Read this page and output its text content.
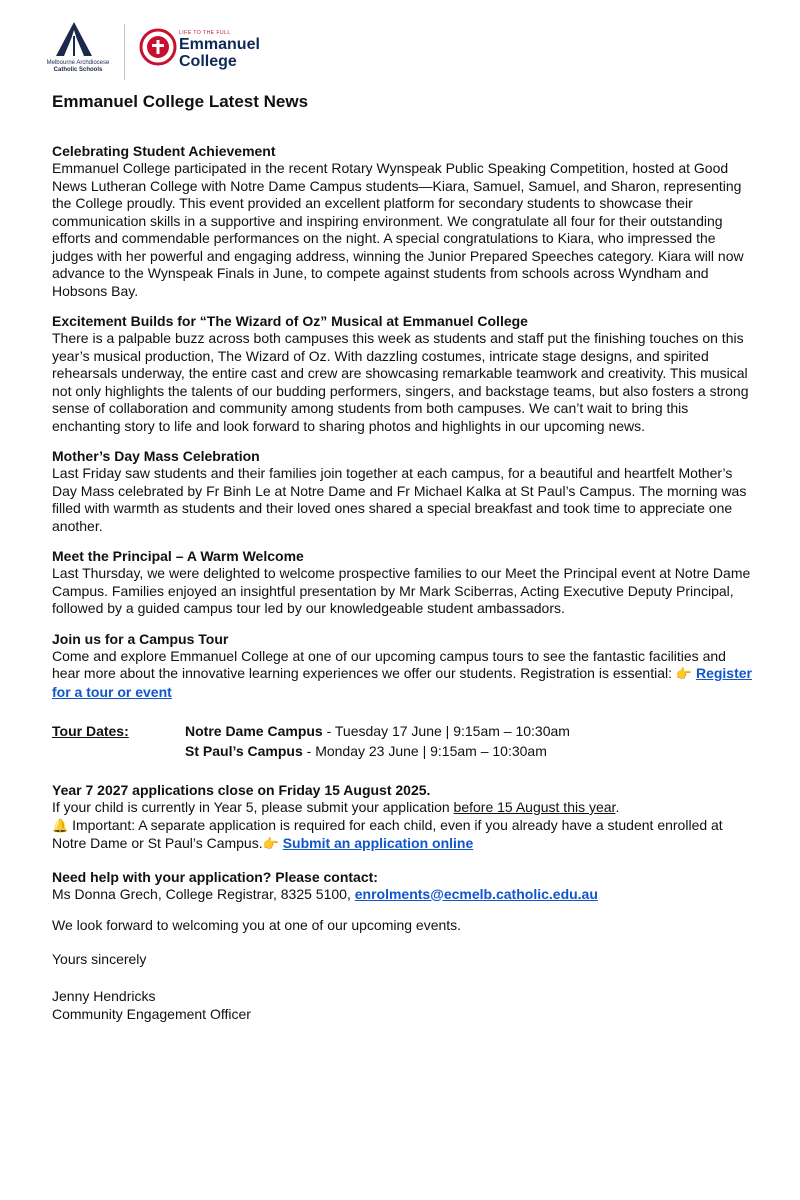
Melbourne Archdiocese
Catholic Schools
LIFE TO THE FULL
Emmanuel
College
Emmanuel College Latest News
Celebrating Student Achievement

Emmanuel College participated in the recent Rotary Wynspeak Public Speaking Competition, hosted at Good News Lutheran College with Notre Dame Campus students—Kiara, Samuel, Samuel, and Sharon, representing the College proudly. This event provided an excellent platform for secondary students to showcase their communication skills in a supportive and inspiring environment. We congratulate all four for their outstanding efforts and commendable performances on the night. A special congratulations to Kiara, who impressed the judges with her powerful and engaging address, winning the Junior Prepared Speeches category. Kiara will now advance to the Wynspeak Finals in June, to compete against students from schools across Wyndham and Hobsons Bay.

Excitement Builds for “The Wizard of Oz” Musical at Emmanuel College

There is a palpable buzz across both campuses this week as students and staff put the finishing touches on this year’s musical production, The Wizard of Oz. With dazzling costumes, intricate stage designs, and spirited rehearsals underway, the entire cast and crew are showcasing remarkable teamwork and creativity. This musical not only highlights the talents of our budding performers, singers, and backstage teams, but also fosters a strong sense of collaboration and community among students from both campuses. We can’t wait to bring this enchanting story to life and look forward to sharing photos and highlights in our upcoming news.

Mother’s Day Mass Celebration

Last Friday saw students and their families join together at each campus, for a beautiful and heartfelt Mother’s Day Mass celebrated by Fr Binh Le at Notre Dame and Fr Michael Kalka at St Paul’s Campus. The morning was filled with warmth as students and their loved ones shared a special breakfast and took time to appreciate one another.

Meet the Principal – A Warm Welcome

Last Thursday, we were delighted to welcome prospective families to our Meet the Principal event at Notre Dame Campus. Families enjoyed an insightful presentation by Mr Mark Sciberras, Acting Executive Deputy Principal, followed by a guided campus tour led by our knowledgeable student ambassadors.

Join us for a Campus Tour

Come and explore Emmanuel College at one of our upcoming campus tours to see the fantastic facilities and hear more about the innovative learning experiences we offer our students. Registration is essential: 👉 Register for a tour or event

Tour Dates:	Notre Dame Campus - Tuesday 17 June | 9:15am – 10:30am
St Paul’s Campus - Monday 23 June | 9:15am – 10:30am
Year 7 2027 applications close on Friday 15 August 2025.

If your child is currently in Year 5, please submit your application before 15 August this year.

🔔 Important: A separate application is required for each child, even if you already have a student enrolled at Notre Dame or St Paul’s Campus.👉 Submit an application online

Need help with your application? Please contact:

Ms Donna Grech, College Registrar, 8325 5100, enrolments@ecmelb.catholic.edu.au

We look forward to welcoming you at one of our upcoming events.

Yours sincerely

Jenny Hendricks

Community Engagement Officer
